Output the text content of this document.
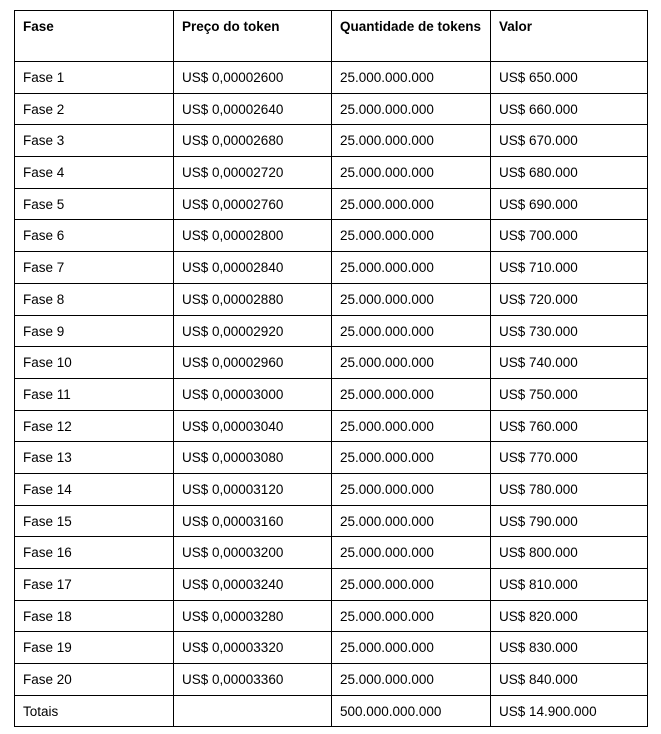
Fase	Preço do token	Quantidade de tokens	Valor
Fase 1	US$ 0,00002600	25.000.000.000	US$ 650.000
Fase 2	US$ 0,00002640	25.000.000.000	US$ 660.000
Fase 3	US$ 0,00002680	25.000.000.000	US$ 670.000
Fase 4	US$ 0,00002720	25.000.000.000	US$ 680.000
Fase 5	US$ 0,00002760	25.000.000.000	US$ 690.000
Fase 6	US$ 0,00002800	25.000.000.000	US$ 700.000
Fase 7	US$ 0,00002840	25.000.000.000	US$ 710.000
Fase 8	US$ 0,00002880	25.000.000.000	US$ 720.000
Fase 9	US$ 0,00002920	25.000.000.000	US$ 730.000
Fase 10	US$ 0,00002960	25.000.000.000	US$ 740.000
Fase 11	US$ 0,00003000	25.000.000.000	US$ 750.000
Fase 12	US$ 0,00003040	25.000.000.000	US$ 760.000
Fase 13	US$ 0,00003080	25.000.000.000	US$ 770.000
Fase 14	US$ 0,00003120	25.000.000.000	US$ 780.000
Fase 15	US$ 0,00003160	25.000.000.000	US$ 790.000
Fase 16	US$ 0,00003200	25.000.000.000	US$ 800.000
Fase 17	US$ 0,00003240	25.000.000.000	US$ 810.000
Fase 18	US$ 0,00003280	25.000.000.000	US$ 820.000
Fase 19	US$ 0,00003320	25.000.000.000	US$ 830.000
Fase 20	US$ 0,00003360	25.000.000.000	US$ 840.000
Totais		500.000.000.000	US$ 14.900.000
